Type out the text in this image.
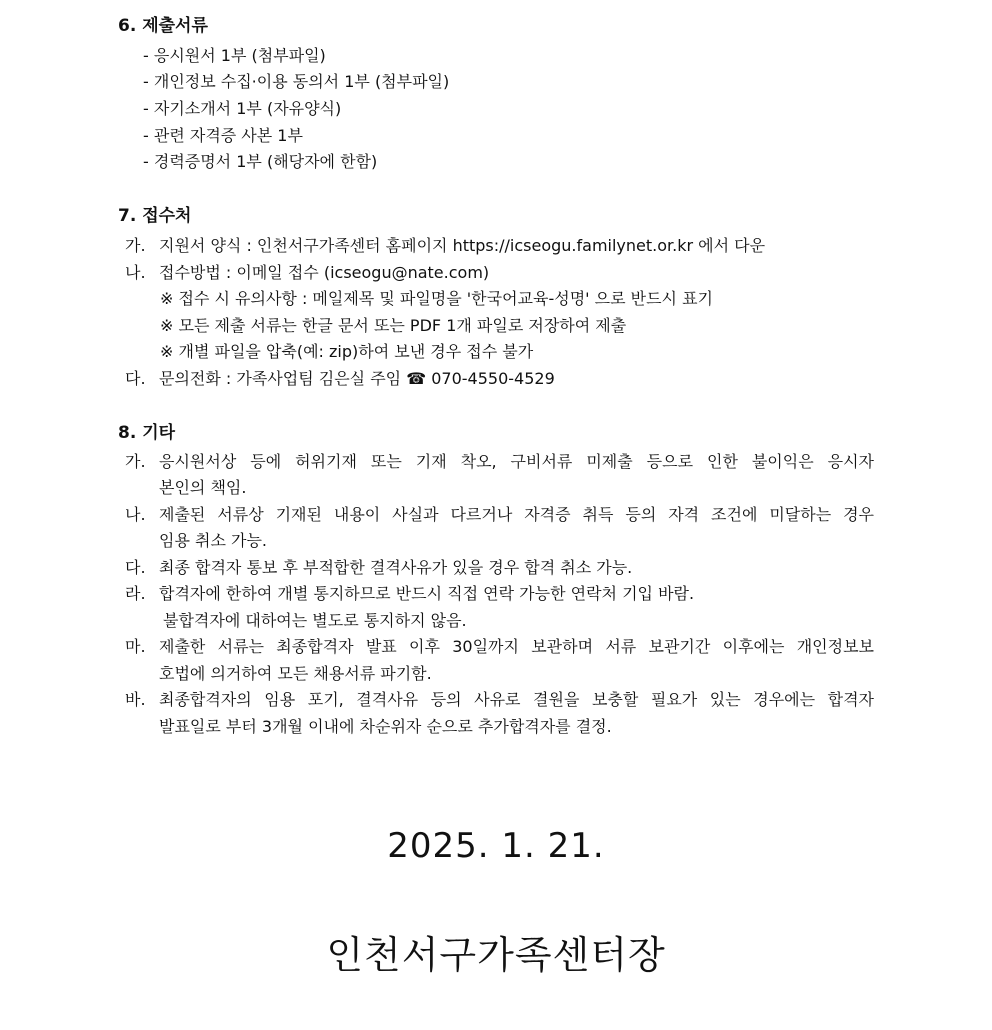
6. 제출서류
- 응시원서 1부 (첨부파일)
- 개인정보 수집·이용 동의서 1부 (첨부파일)
- 자기소개서 1부 (자유양식)
- 관련 자격증 사본 1부
- 경력증명서 1부 (해당자에 한함)
7. 접수처
가. 지원서 양식 : 인천서구가족센터 홈페이지 https://icseogu.familynet.or.kr 에서 다운
나. 접수방법 : 이메일 접수 (icseogu@nate.com)
※ 접수 시 유의사항 : 메일제목 및 파일명을 '한국어교육-성명' 으로 반드시 표기
※ 모든 제출 서류는 한글 문서 또는 PDF 1개 파일로 저장하여 제출
※ 개별 파일을 압축(예: zip)하여 보낸 경우 접수 불가
다. 문의전화 : 가족사업팀 김은실 주임 ☎ 070-4550-4529
8. 기타
가. 응시원서상 등에 허위기재 또는 기재 착오, 구비서류 미제출 등으로 인한 불이익은 응시자
본인의 책임.
나. 제출된 서류상 기재된 내용이 사실과 다르거나 자격증 취득 등의 자격 조건에 미달하는 경우
임용 취소 가능.
다. 최종 합격자 통보 후 부적합한 결격사유가 있을 경우 합격 취소 가능.
라. 합격자에 한하여 개별 통지하므로 반드시 직접 연락 가능한 연락처 기입 바람.
불합격자에 대하여는 별도로 통지하지 않음.
마. 제출한 서류는 최종합격자 발표 이후 30일까지 보관하며 서류 보관기간 이후에는 개인정보보
호법에 의거하여 모든 채용서류 파기함.
바. 최종합격자의 임용 포기, 결격사유 등의 사유로 결원을 보충할 필요가 있는 경우에는 합격자
발표일로 부터 3개월 이내에 차순위자 순으로 추가합격자를 결정.
2025. 1. 21.
인천서구가족센터장
